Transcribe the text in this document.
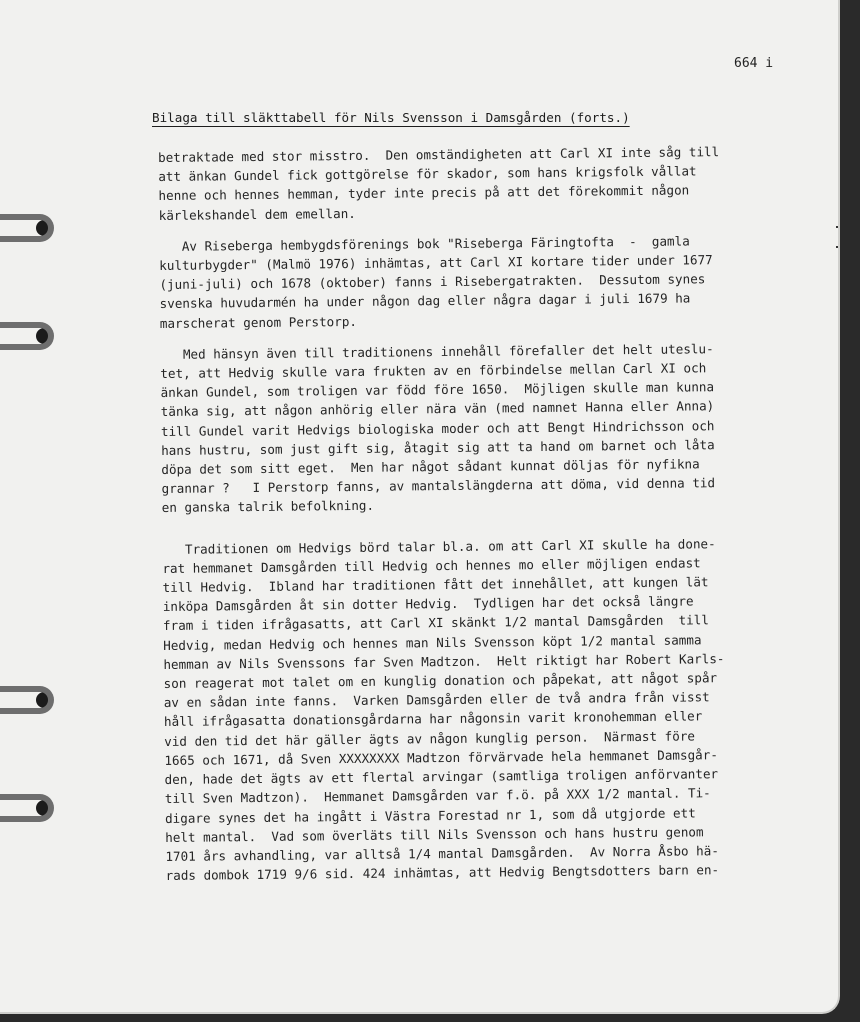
664 i
Bilaga till släkttabell för Nils Svensson i Damsgården (forts.)

betraktade med stor misstro.  Den omständigheten att Carl XI inte såg till

att änkan Gundel fick gottgörelse för skador, som hans krigsfolk vållat

henne och hennes hemman, tyder inte precis på att det förekommit någon

kärlekshandel dem emellan.

Av Riseberga hembygdsförenings bok "Riseberga Färingtofta  -  gamla

kulturbygder" (Malmö 1976) inhämtas, att Carl XI kortare tider under 1677

(juni-juli) och 1678 (oktober) fanns i Risebergatrakten.  Dessutom synes

svenska huvudarmén ha under någon dag eller några dagar i juli 1679 ha

marscherat genom Perstorp.

Med hänsyn även till traditionens innehåll förefaller det helt uteslu-

tet, att Hedvig skulle vara frukten av en förbindelse mellan Carl XI och

änkan Gundel, som troligen var född före 1650.  Möjligen skulle man kunna

tänka sig, att någon anhörig eller nära vän (med namnet Hanna eller Anna)

till Gundel varit Hedvigs biologiska moder och att Bengt Hindrichsson och

hans hustru, som just gift sig, åtagit sig att ta hand om barnet och låta

döpa det som sitt eget.  Men har något sådant kunnat döljas för nyfikna

grannar ?   I Perstorp fanns, av mantalslängderna att döma, vid denna tid

en ganska talrik befolkning.

Traditionen om Hedvigs börd talar bl.a. om att Carl XI skulle ha done-

rat hemmanet Damsgården till Hedvig och hennes mo eller möjligen endast

till Hedvig.  Ibland har traditionen fått det innehållet, att kungen lät

inköpa Damsgården åt sin dotter Hedvig.  Tydligen har det också längre

fram i tiden ifrågasatts, att Carl XI skänkt 1/2 mantal Damsgården  till

Hedvig, medan Hedvig och hennes man Nils Svensson köpt 1/2 mantal samma

hemman av Nils Svenssons far Sven Madtzon.  Helt riktigt har Robert Karls-

son reagerat mot talet om en kunglig donation och påpekat, att något spår

av en sådan inte fanns.  Varken Damsgården eller de två andra från visst

håll ifrågasatta donationsgårdarna har någonsin varit kronohemman eller

vid den tid det här gäller ägts av någon kunglig person.  Närmast före

1665 och 1671, då Sven XXXXXXXX Madtzon förvärvade hela hemmanet Damsgår-

den, hade det ägts av ett flertal arvingar (samtliga troligen anförvanter

till Sven Madtzon).  Hemmanet Damsgården var f.ö. på XXX 1/2 mantal. Ti-

digare synes det ha ingått i Västra Forestad nr 1, som då utgjorde ett

helt mantal.  Vad som överläts till Nils Svensson och hans hustru genom

1701 års avhandling, var alltså 1/4 mantal Damsgården.  Av Norra Åsbo hä-

rads dombok 1719 9/6 sid. 424 inhämtas, att Hedvig Bengtsdotters barn en-
